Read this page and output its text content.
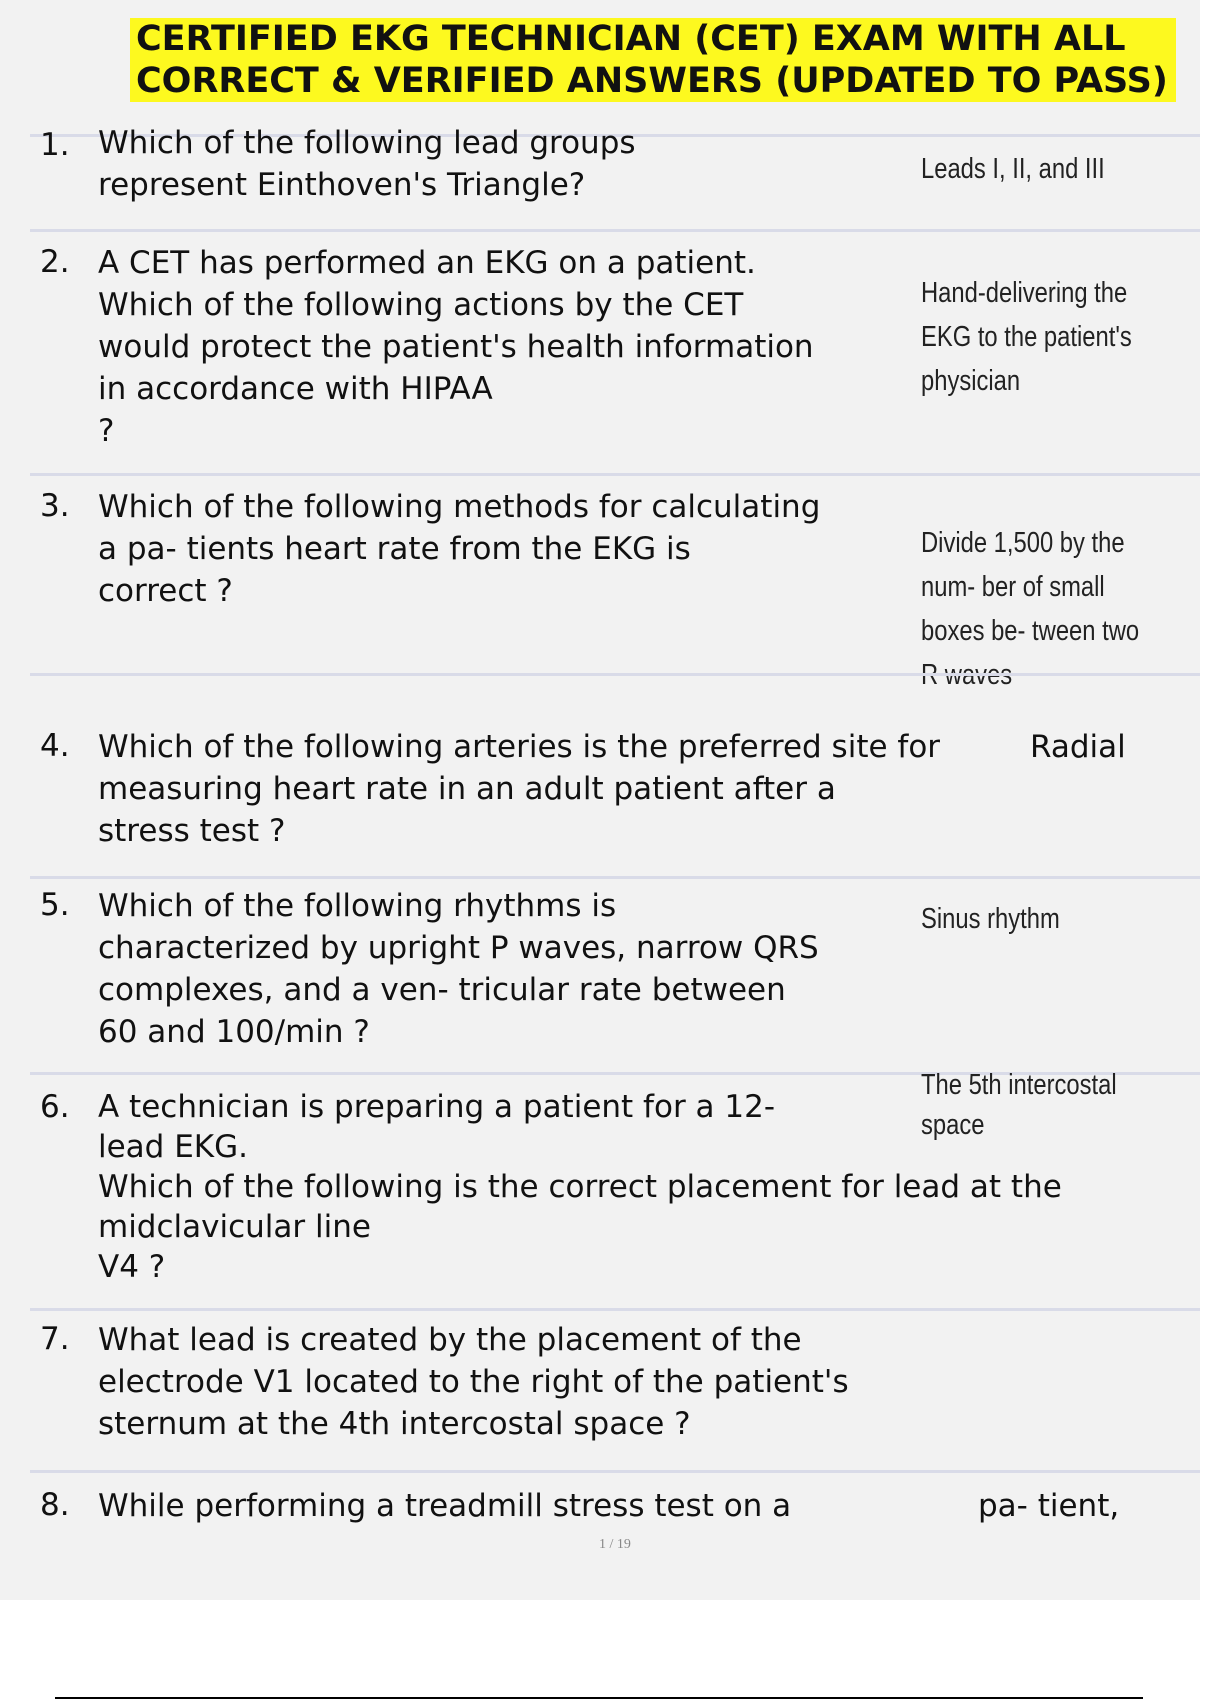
CERTIFIED EKG TECHNICIAN (CET) EXAM WITH ALL
CORRECT & VERIFIED ANSWERS (UPDATED TO PASS)
1. Which of the following lead groups
represent Einthoven's Triangle?	Leads I, II, and III
2. A CET has performed an EKG on a patient.
Which of the following actions by the CET
would protect the patient's health information
in accordance with HIPAA
?
Hand-delivering the
EKG to the patient's
physician
3. Which of the following methods for calculating
a pa- tients heart rate from the EKG is
correct ?
Divide 1,500 by the
num- ber of small
boxes be- tween two
R waves
4. Which of the following arteries is the preferred site for
measuring heart rate in an adult patient after a
stress test ?
Radial
5. Which of the following rhythms is
characterized by upright P waves, narrow QRS
complexes, and a ven- tricular rate between
60 and 100/min ?
Sinus rhythm
6. A technician is preparing a patient for a 12-
lead EKG.
Which of the following is the correct placement for lead at the
midclavicular line
V4 ?
The 5th intercostal
space
7. What lead is created by the placement of the
electrode V1 located to the right of the patient's
sternum at the 4th intercostal space ?
8. While performing a treadmill stress test on a	pa- tient,
1 / 19
